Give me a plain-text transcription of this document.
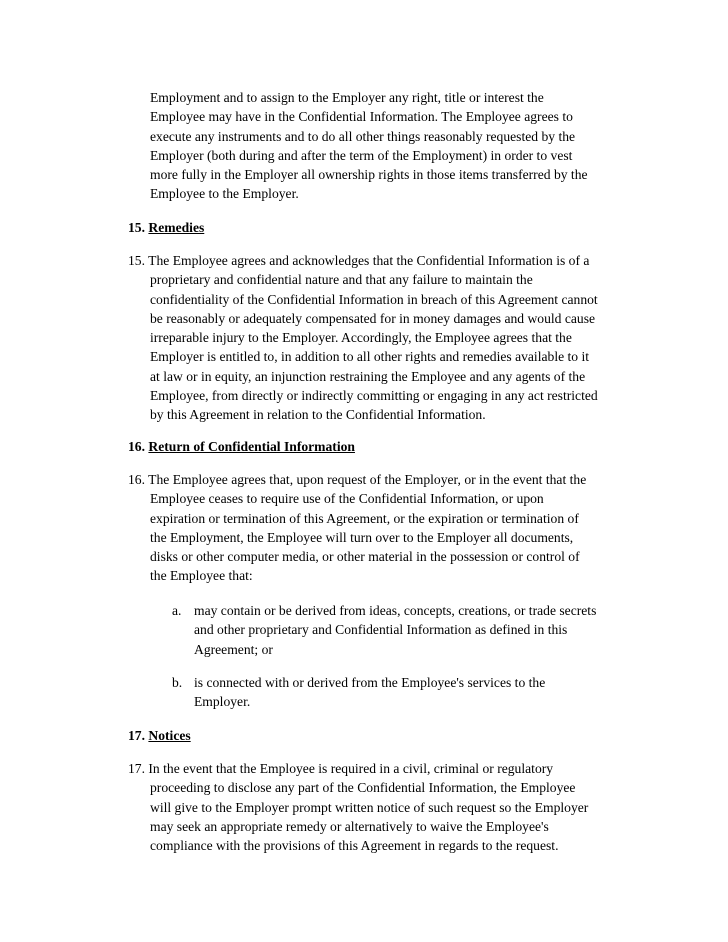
Employment and to assign to the Employer any right, title or interest the
Employee may have in the Confidential Information. The Employee agrees to
execute any instruments and to do all other things reasonably requested by the
Employer (both during and after the term of the Employment) in order to vest
more fully in the Employer all ownership rights in those items transferred by the
Employee to the Employer.
15. Remedies
15. The Employee agrees and acknowledges that the Confidential Information is of a
proprietary and confidential nature and that any failure to maintain the
confidentiality of the Confidential Information in breach of this Agreement cannot
be reasonably or adequately compensated for in money damages and would cause
irreparable injury to the Employer. Accordingly, the Employee agrees that the
Employer is entitled to, in addition to all other rights and remedies available to it
at law or in equity, an injunction restraining the Employee and any agents of the
Employee, from directly or indirectly committing or engaging in any act restricted
by this Agreement in relation to the Confidential Information.
16. Return of Confidential Information
16. The Employee agrees that, upon request of the Employer, or in the event that the
Employee ceases to require use of the Confidential Information, or upon
expiration or termination of this Agreement, or the expiration or termination of
the Employment, the Employee will turn over to the Employer all documents,
disks or other computer media, or other material in the possession or control of
the Employee that:
a. may contain or be derived from ideas, concepts, creations, or trade secrets
and other proprietary and Confidential Information as defined in this
Agreement; or
b. is connected with or derived from the Employee's services to the
Employer.
17. Notices
17. In the event that the Employee is required in a civil, criminal or regulatory
proceeding to disclose any part of the Confidential Information, the Employee
will give to the Employer prompt written notice of such request so the Employer
may seek an appropriate remedy or alternatively to waive the Employee's
compliance with the provisions of this Agreement in regards to the request.
